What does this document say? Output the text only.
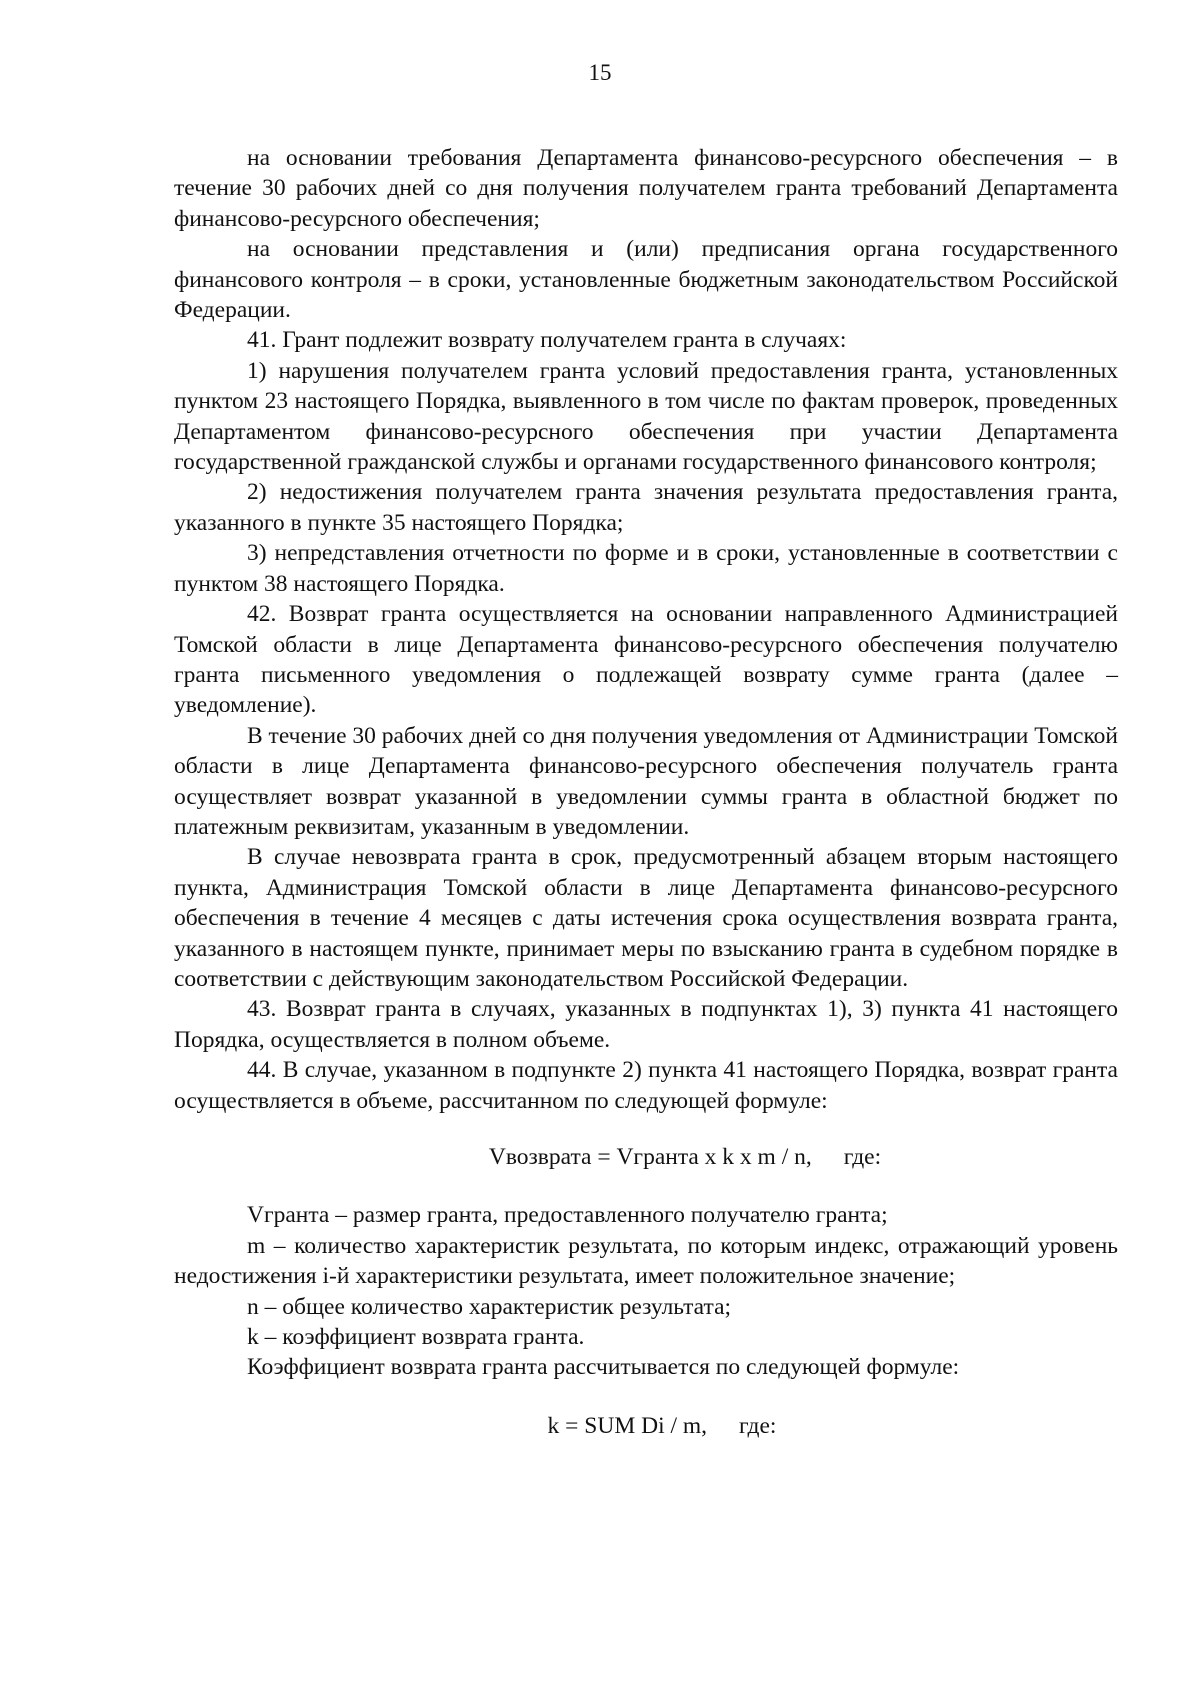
15

на основании требования Департамента финансово-ресурсного обеспечения – в течение 30 рабочих дней со дня получения получателем гранта требований Департамента финансово-ресурсного обеспечения;

на основании представления и (или) предписания органа государственного финансового контроля – в сроки, установленные бюджетным законодательством Российской Федерации.

41. Грант подлежит возврату получателем гранта в случаях:

1) нарушения получателем гранта условий предоставления гранта, установленных пунктом 23 настоящего Порядка, выявленного в том числе по фактам проверок, проведенных Департаментом финансово-ресурсного обеспечения при участии Департамента государственной гражданской службы и органами государственного финансового контроля;

2) недостижения получателем гранта значения результата предоставления гранта, указанного в пункте 35 настоящего Порядка;

3) непредставления отчетности по форме и в сроки, установленные в соответствии с пунктом 38 настоящего Порядка.

42. Возврат гранта осуществляется на основании направленного Администрацией Томской области в лице Департамента финансово-ресурсного обеспечения получателю гранта письменного уведомления о подлежащей возврату сумме гранта (далее – уведомление).

В течение 30 рабочих дней со дня получения уведомления от Администрации Томской области в лице Департамента финансово-ресурсного обеспечения получатель гранта осуществляет возврат указанной в уведомлении суммы гранта в областной бюджет по платежным реквизитам, указанным в уведомлении.

В случае невозврата гранта в срок, предусмотренный абзацем вторым настоящего пункта, Администрация Томской области в лице Департамента финансово-ресурсного обеспечения в течение 4 месяцев с даты истечения срока осуществления возврата гранта, указанного в настоящем пункте, принимает меры по взысканию гранта в судебном порядке в соответствии с действующим законодательством Российской Федерации.

43. Возврат гранта в случаях, указанных в подпунктах 1), 3) пункта 41 настоящего Порядка, осуществляется в полном объеме.

44. В случае, указанном в подпункте 2) пункта 41 настоящего Порядка, возврат гранта осуществляется в объеме, рассчитанном по следующей формуле:

Vвозврата = Vгранта x k x m / n, где:

Vгранта – размер гранта, предоставленного получателю гранта;

m – количество характеристик результата, по которым индекс, отражающий уровень недостижения i-й характеристики результата, имеет положительное значение;

n – общее количество характеристик результата;

k – коэффициент возврата гранта.

Коэффициент возврата гранта рассчитывается по следующей формуле:

k = SUM Di / m, где:
